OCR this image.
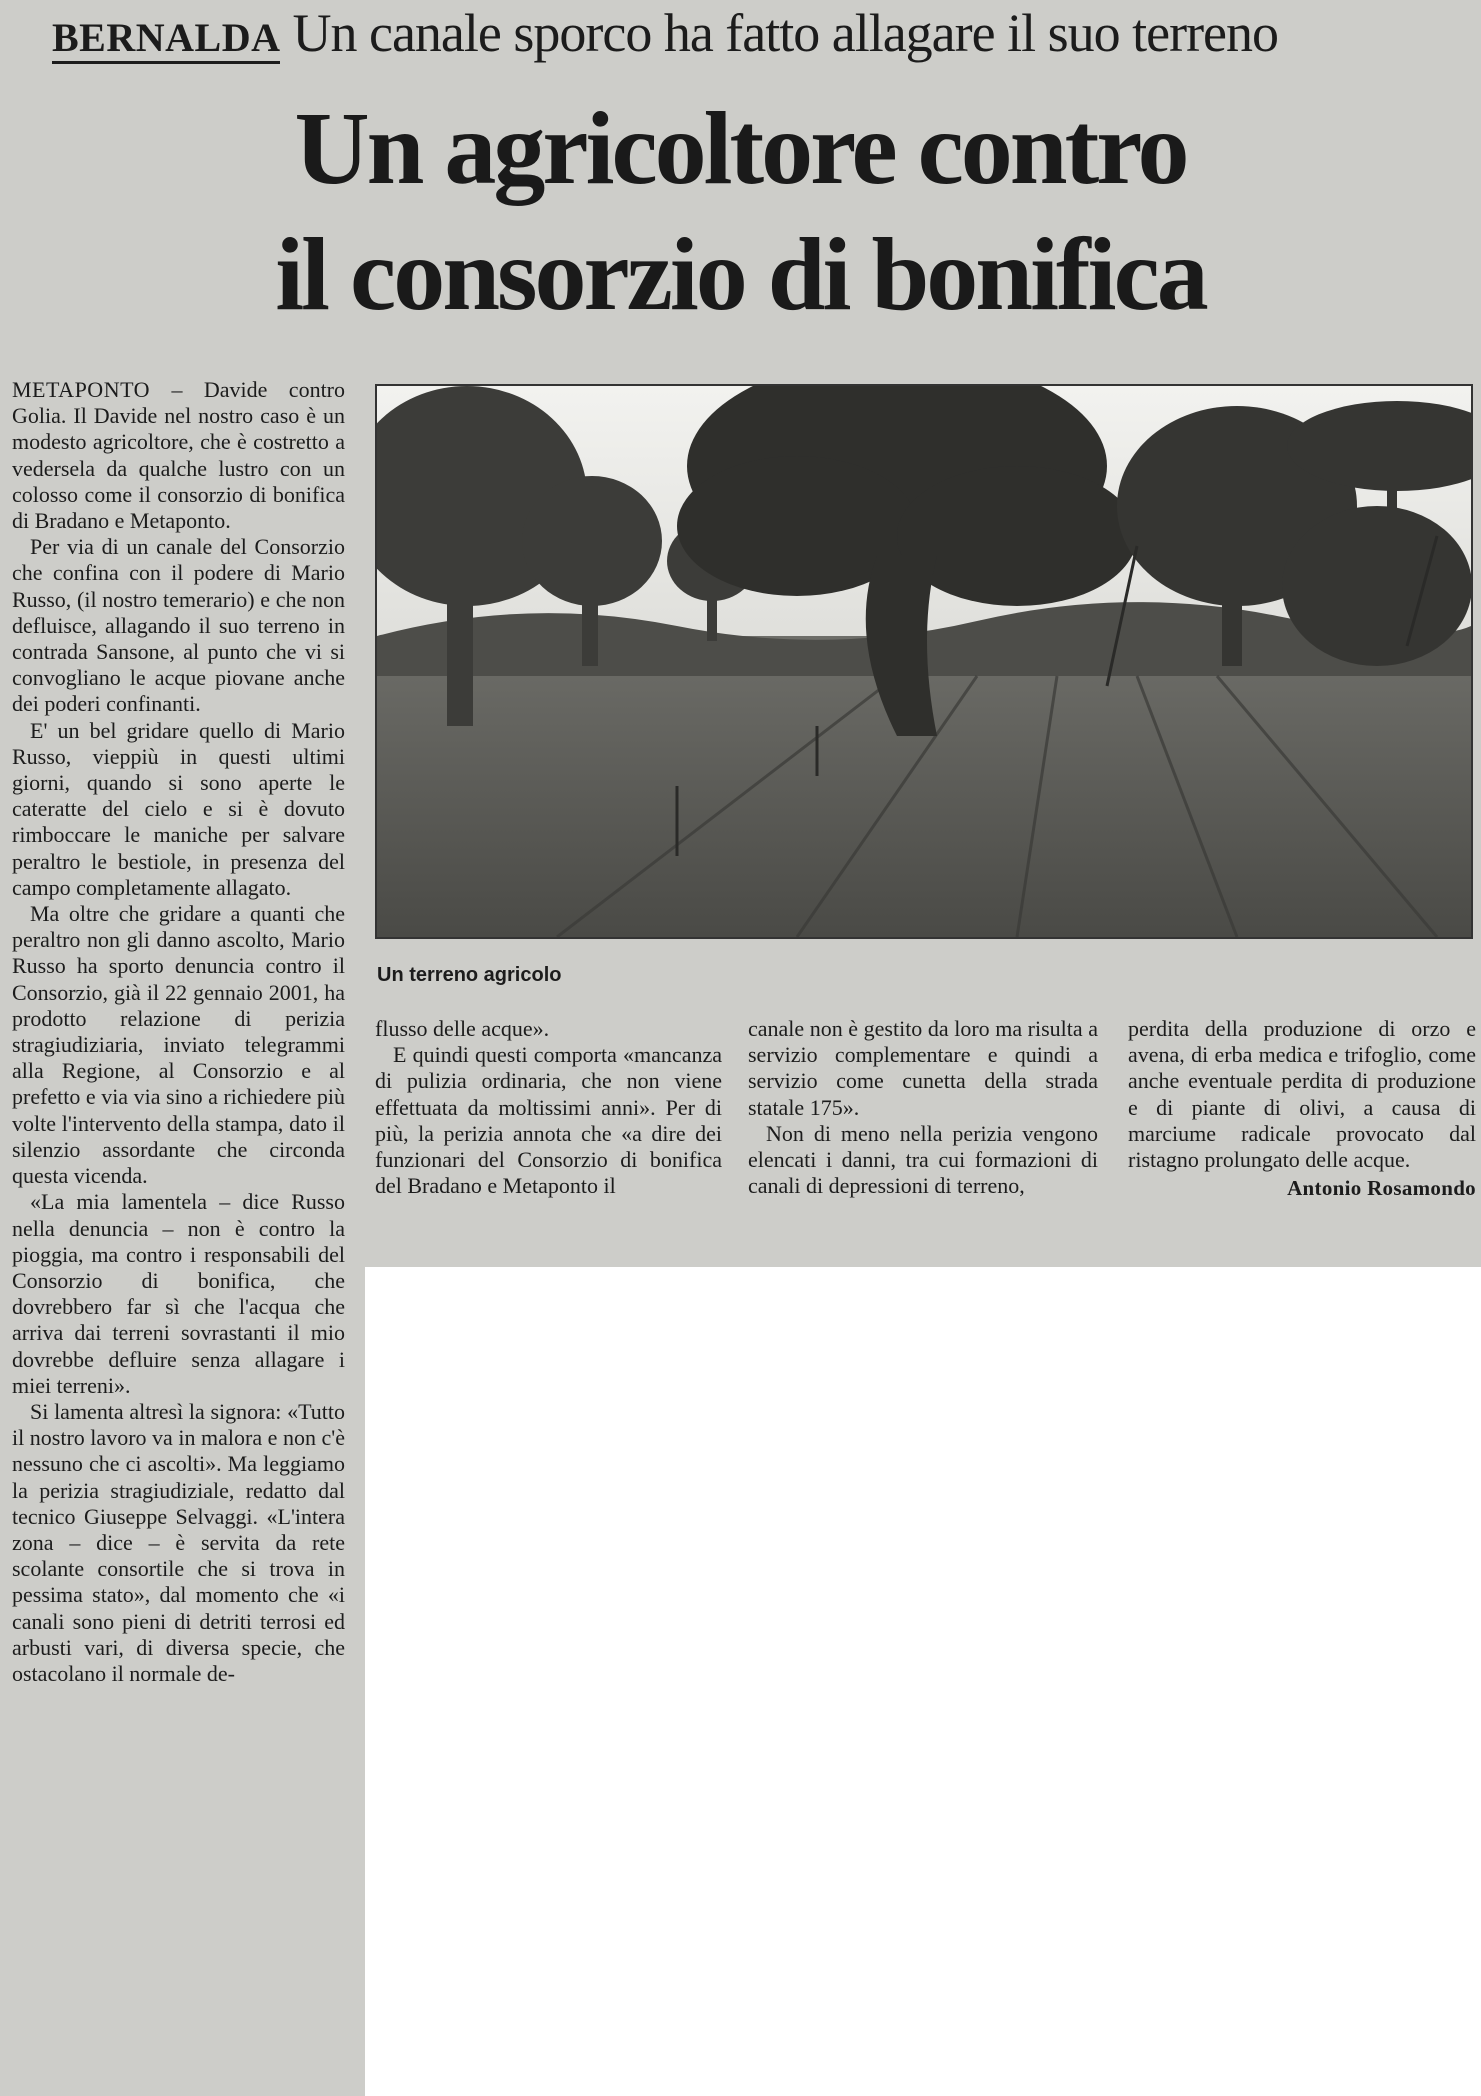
BERNALDA Un canale sporco ha fatto allagare il suo terreno
Un agricoltore contro
il consorzio di bonifica

METAPONTO – Davide contro Golia. Il Davide nel nostro caso è un modesto agricoltore, che è costretto a vedersela da qualche lustro con un colosso come il consorzio di bonifica di Bradano e Metaponto.

Per via di un canale del Consorzio che confina con il podere di Mario Russo, (il nostro temerario) e che non defluisce, allagando il suo terreno in contrada Sansone, al punto che vi si convogliano le acque piovane anche dei poderi confinanti.

E' un bel gridare quello di Mario Russo, vieppiù in questi ultimi giorni, quando si sono aperte le cateratte del cielo e si è dovuto rimboccare le maniche per salvare peraltro le bestiole, in presenza del campo completamente allagato.

Ma oltre che gridare a quanti che peraltro non gli danno ascolto, Mario Russo ha sporto denuncia contro il Consorzio, già il 22 gennaio 2001, ha prodotto relazione di perizia stragiudiziaria, inviato telegrammi alla Regione, al Consorzio e al prefetto e via via sino a richiedere più volte l'intervento della stampa, dato il silenzio assordante che circonda questa vicenda.

«La mia lamentela – dice Russo nella denuncia – non è contro la pioggia, ma contro i responsabili del Consorzio di bonifica, che dovrebbero far sì che l'acqua che arriva dai terreni sovrastanti il mio dovrebbe defluire senza allagare i miei terreni».

Si lamenta altresì la signora: «Tutto il nostro lavoro va in malora e non c'è nessuno che ci ascolti». Ma leggiamo la perizia stragiudiziale, redatto dal tecnico Giuseppe Selvaggi. «L'intera zona – dice – è servita da rete scolante consortile che si trova in pessima stato», dal momento che «i canali sono pieni di detriti terrosi ed arbusti vari, di diversa specie, che ostacolano il normale de-

Un terreno agricolo

flusso delle acque».

E quindi questi comporta «mancanza di pulizia ordinaria, che non viene effettuata da moltissimi anni». Per di più, la perizia annota che «a dire dei funzionari del Consorzio di bonifica del Bradano e Metaponto il

canale non è gestito da loro ma risulta a servizio complementare e quindi a servizio come cunetta della strada statale 175».

Non di meno nella perizia vengono elencati i danni, tra cui formazioni di canali di depressioni di terreno,

perdita della produzione di orzo e avena, di erba medica e trifoglio, come anche eventuale perdita di produzione e di piante di olivi, a causa di marciume radicale provocato dal ristagno prolungato delle acque.

Antonio Rosamondo
